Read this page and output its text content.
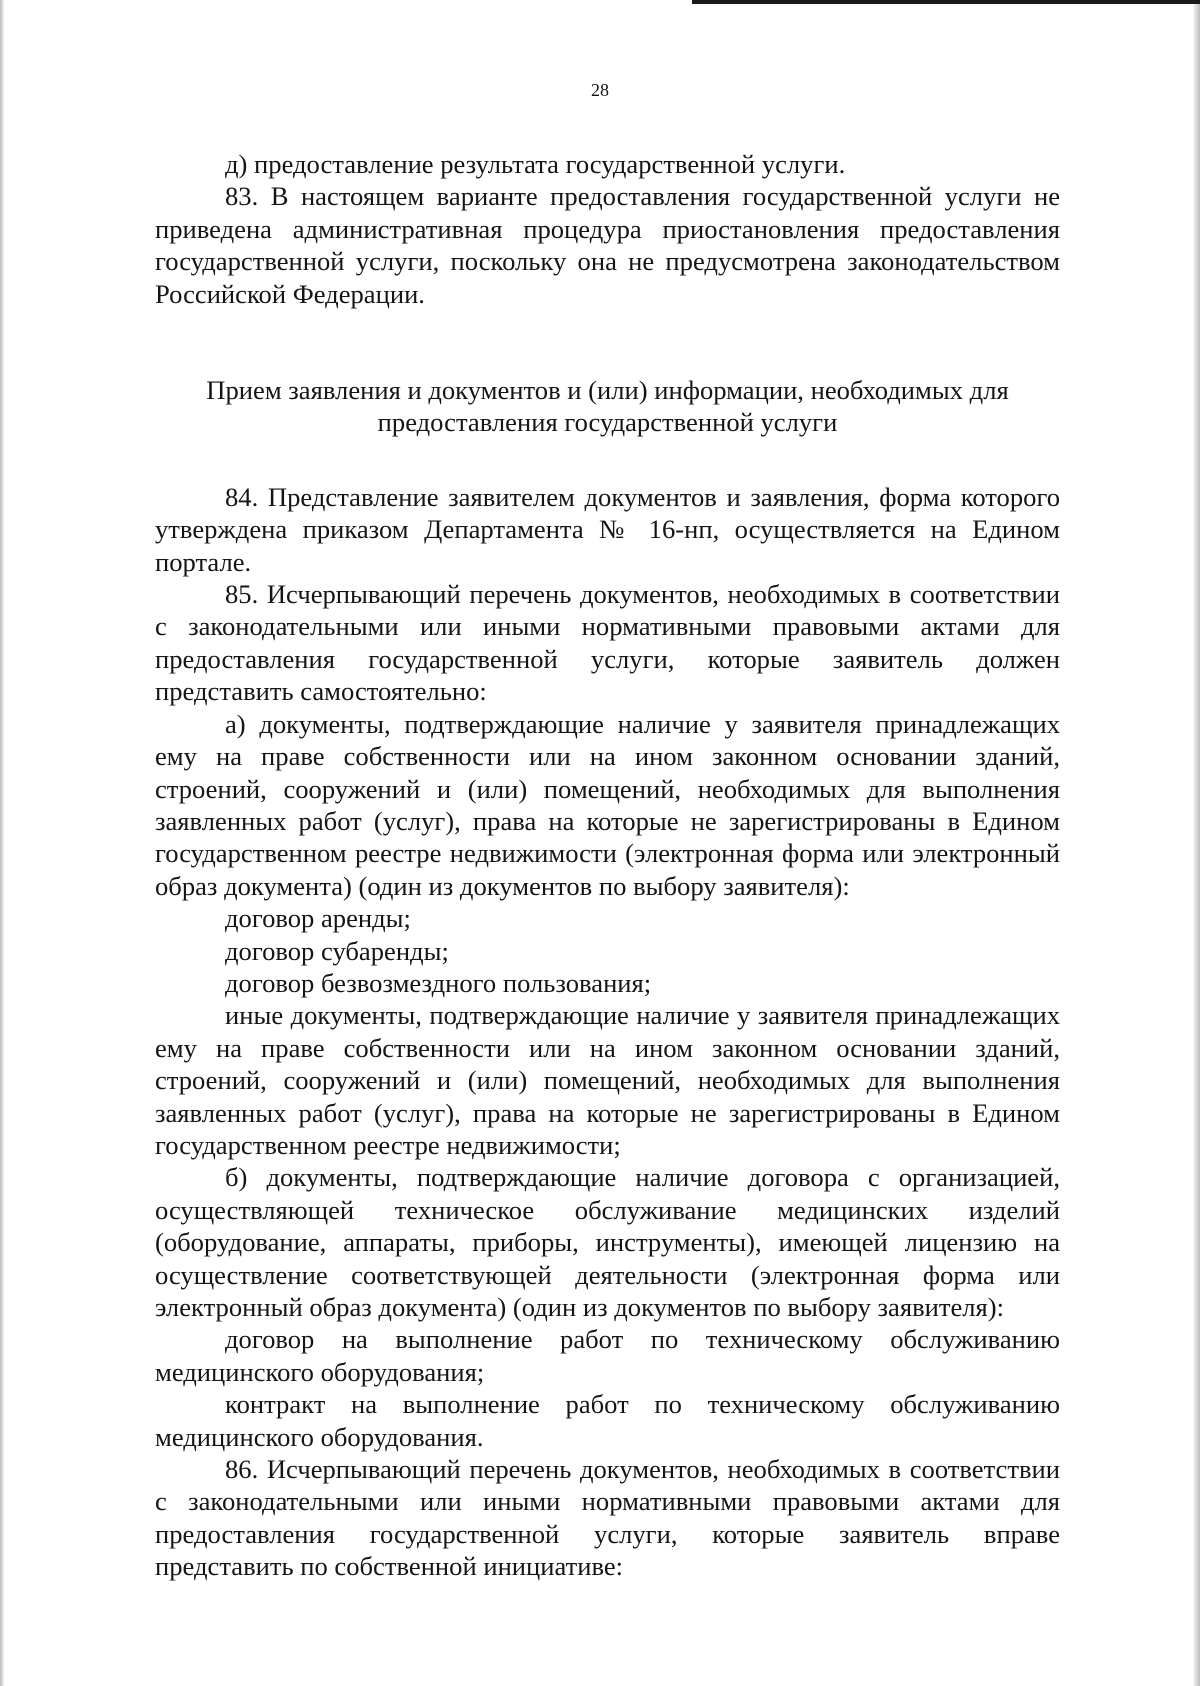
28

д) предоставление результата государственной услуги.

83. В настоящем варианте предоставления государственной услуги не приведена административная процедура приостановления предоставления государственной услуги, поскольку она не предусмотрена законодательством Российской Федерации.

Прием заявления и документов и (или) информации, необходимых для предоставления государственной услуги

84. Представление заявителем документов и заявления, форма которого утверждена приказом Департамента № 16-нп, осуществляется на Едином портале.

85. Исчерпывающий перечень документов, необходимых в соответствии с законодательными или иными нормативными правовыми актами для предоставления государственной услуги, которые заявитель должен представить самостоятельно:

а) документы, подтверждающие наличие у заявителя принадлежащих ему на праве собственности или на ином законном основании зданий, строений, сооружений и (или) помещений, необходимых для выполнения заявленных работ (услуг), права на которые не зарегистрированы в Едином государственном реестре недвижимости (электронная форма или электронный образ документа) (один из документов по выбору заявителя):

договор аренды;

договор субаренды;

договор безвозмездного пользования;

иные документы, подтверждающие наличие у заявителя принадлежащих ему на праве собственности или на ином законном основании зданий, строений, сооружений и (или) помещений, необходимых для выполнения заявленных работ (услуг), права на которые не зарегистрированы в Едином государственном реестре недвижимости;

б) документы, подтверждающие наличие договора с организацией, осуществляющей техническое обслуживание медицинских изделий (оборудование, аппараты, приборы, инструменты), имеющей лицензию на осуществление соответствующей деятельности (электронная форма или электронный образ документа) (один из документов по выбору заявителя):

договор на выполнение работ по техническому обслуживанию медицинского оборудования;

контракт на выполнение работ по техническому обслуживанию медицинского оборудования.

86. Исчерпывающий перечень документов, необходимых в соответствии с законодательными или иными нормативными правовыми актами для предоставления государственной услуги, которые заявитель вправе представить по собственной инициативе:
